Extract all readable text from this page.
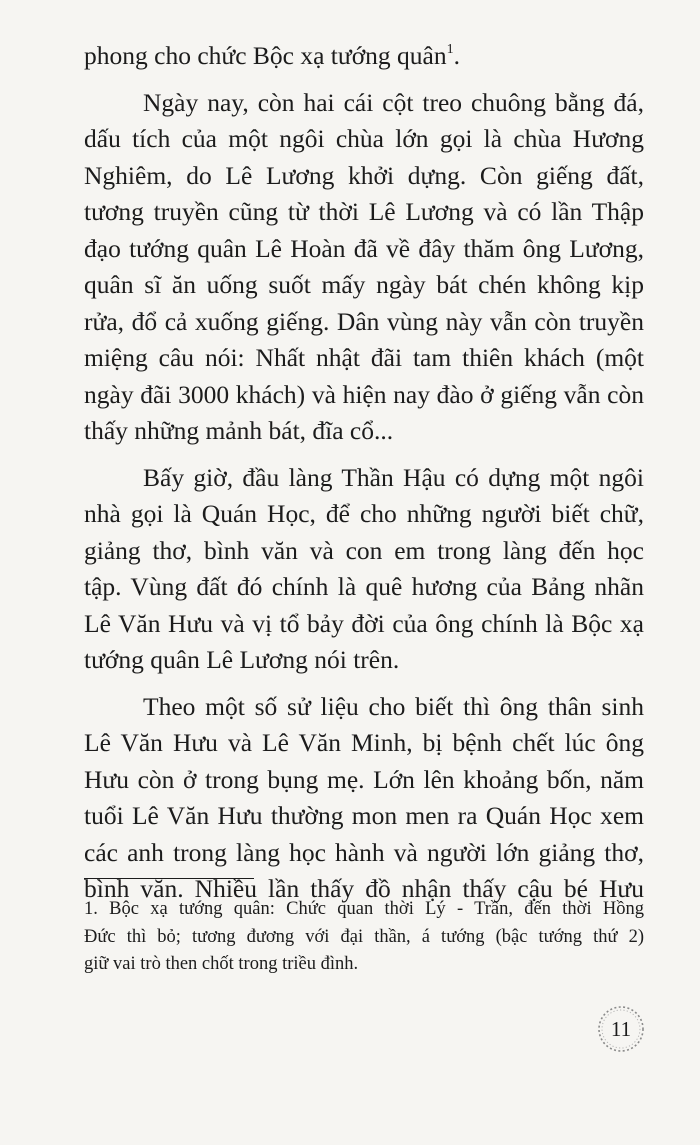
phong cho chức Bộc xạ tướng quân$^1$.
Ngày nay, còn hai cái cột treo chuông bằng đá,
dấu tích của một ngôi chùa lớn gọi là chùa Hương
Nghiêm, do Lê Lương khởi dựng. Còn giếng đất,
tương truyền cũng từ thời Lê Lương và có lần Thập
đạo tướng quân Lê Hoàn đã về đây thăm ông Lương,
quân sĩ ăn uống suốt mấy ngày bát chén không kịp
rửa, đổ cả xuống giếng. Dân vùng này vẫn còn truyền
miệng câu nói: Nhất nhật đãi tam thiên khách (một
ngày đãi 3000 khách) và hiện nay đào ở giếng vẫn còn
thấy những mảnh bát, đĩa cổ...
Bấy giờ, đầu làng Thần Hậu có dựng một ngôi
nhà gọi là Quán Học, để cho những người biết chữ,
giảng thơ, bình văn và con em trong làng đến học
tập. Vùng đất đó chính là quê hương của Bảng nhãn
Lê Văn Hưu và vị tổ bảy đời của ông chính là Bộc xạ
tướng quân Lê Lương nói trên.
Theo một số sử liệu cho biết thì ông thân sinh
Lê Văn Hưu và Lê Văn Minh, bị bệnh chết lúc ông
Hưu còn ở trong bụng mẹ. Lớn lên khoảng bốn, năm
tuổi Lê Văn Hưu thường mon men ra Quán Học xem
các anh trong làng học hành và người lớn giảng thơ,
bình văn. Nhiều lần thấy đồ nhận thấy cậu bé Hưu
1. Bộc xạ tướng quân: Chức quan thời Lý - Trần, đến thời Hồng
Đức thì bỏ; tương đương với đại thần, á tướng (bậc tướng thứ 2)
giữ vai trò then chốt trong triều đình.
11
